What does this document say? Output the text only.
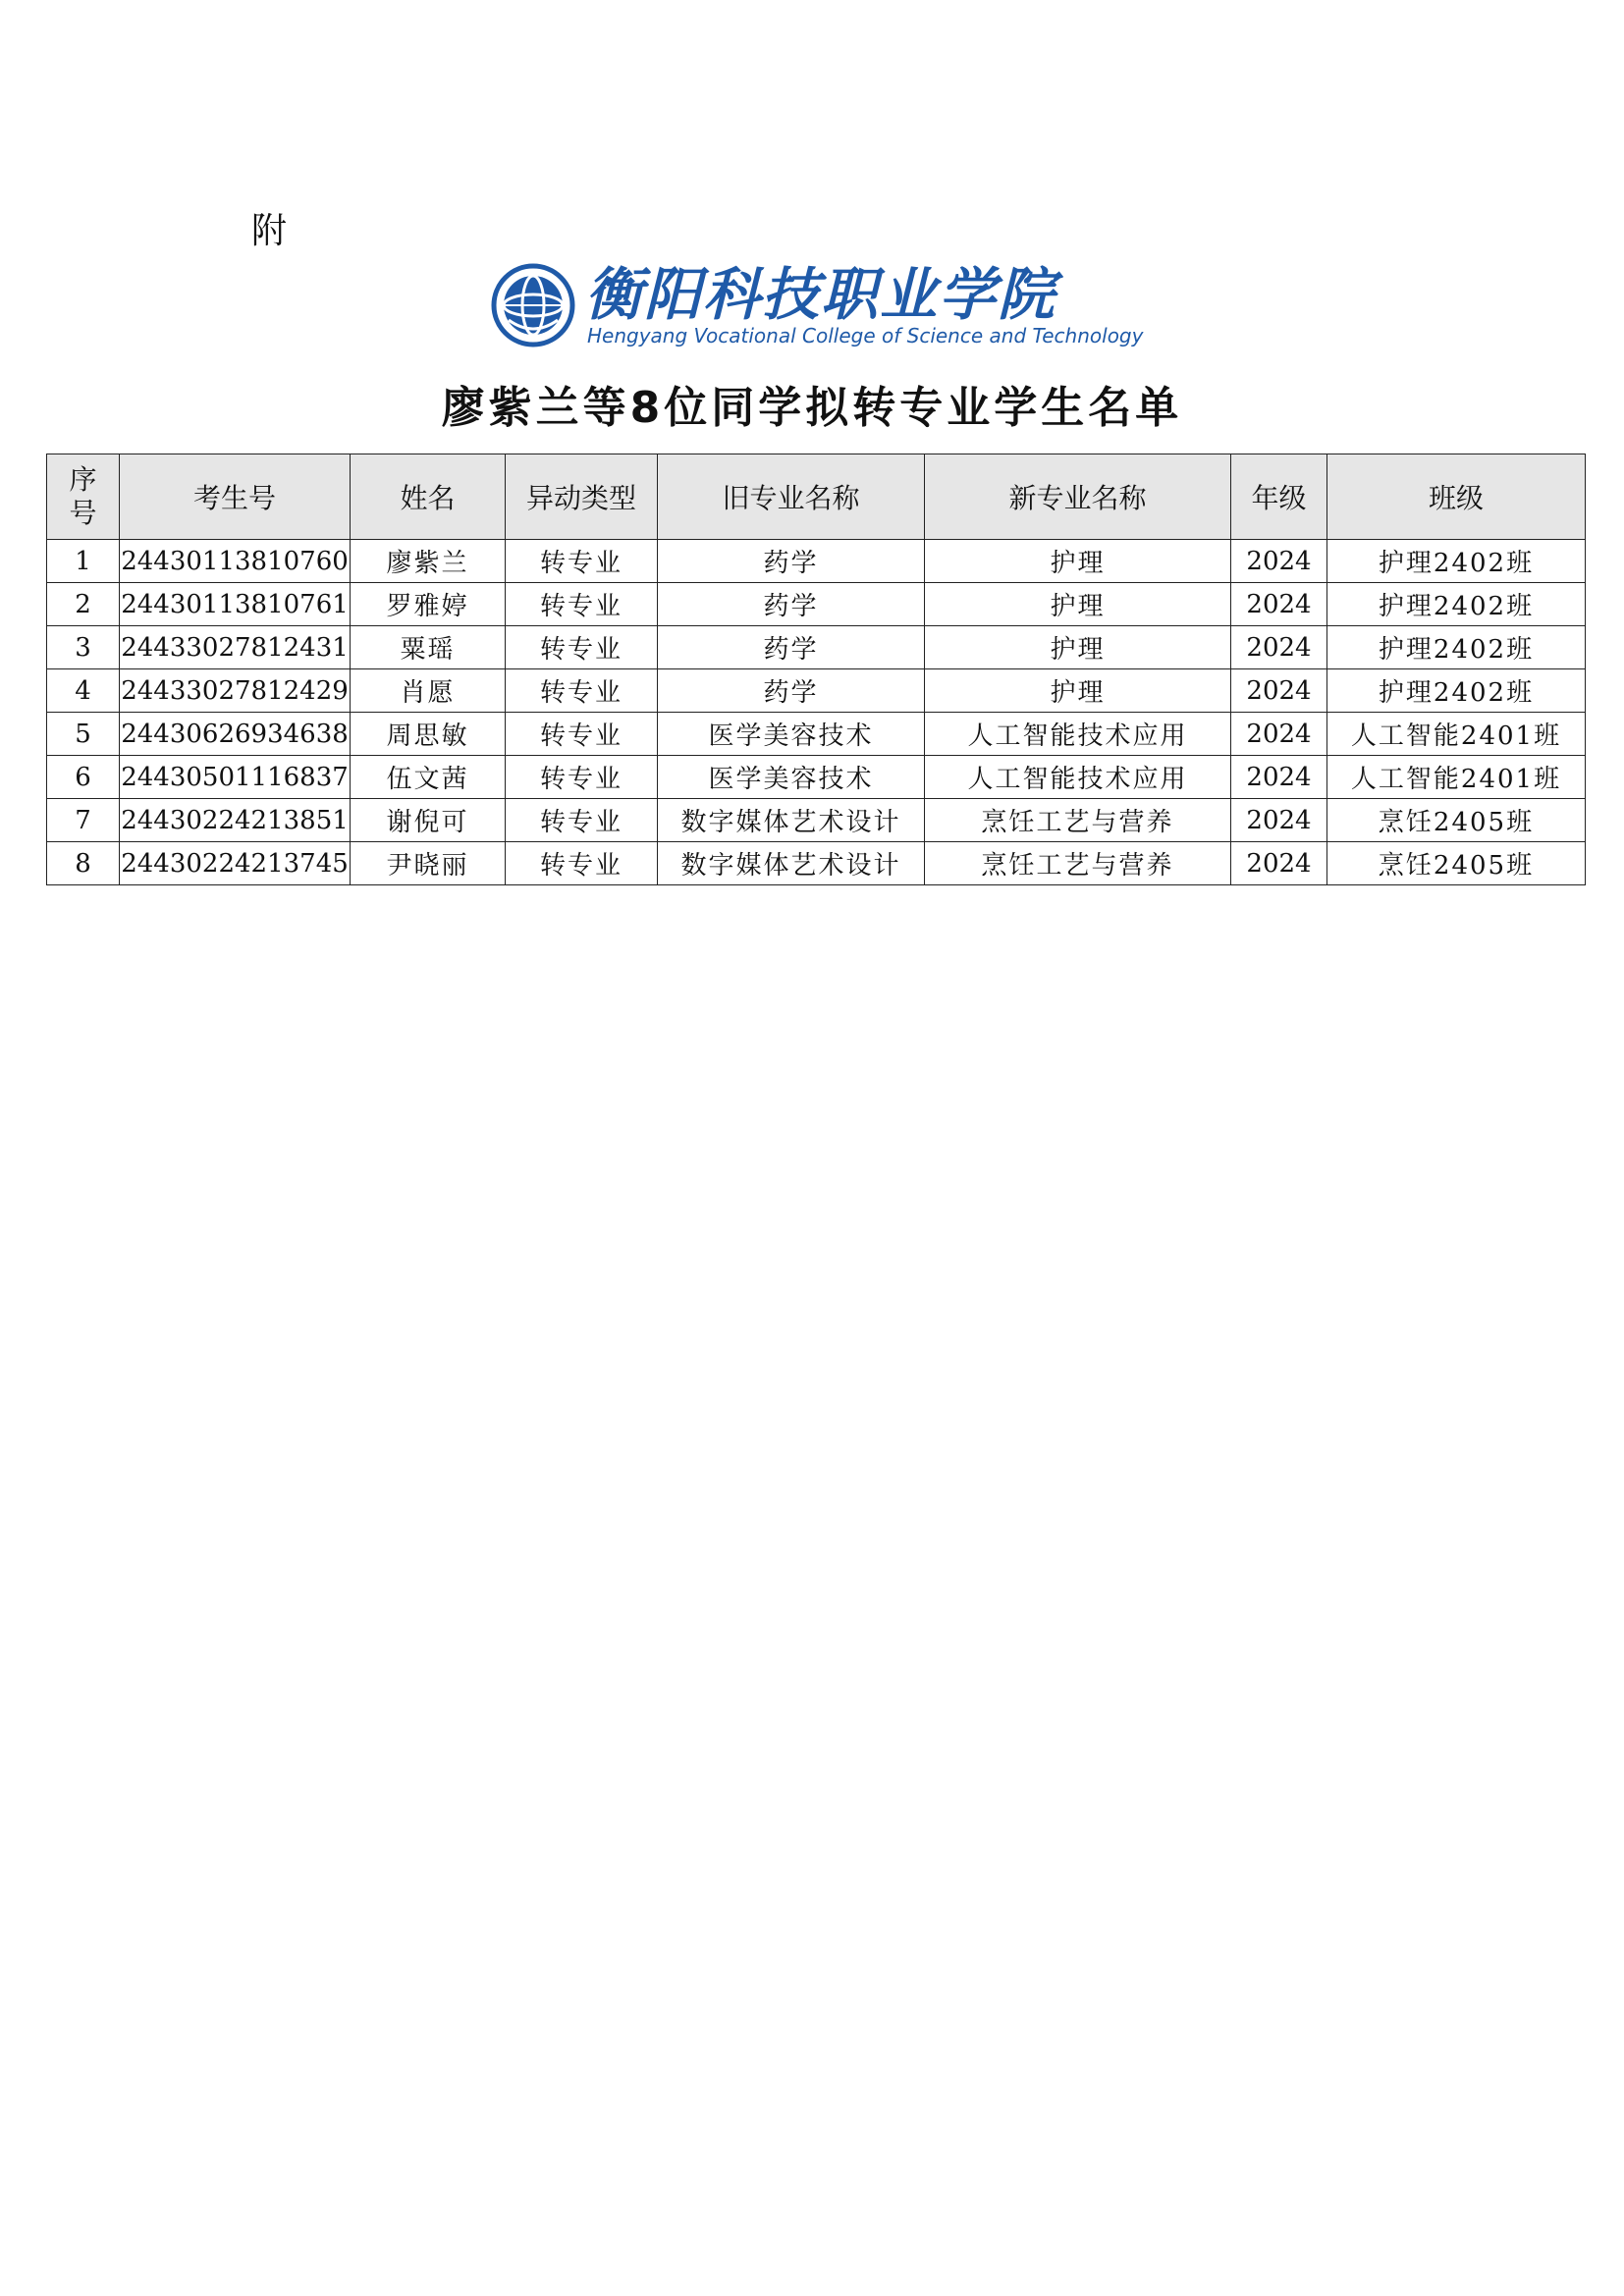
附
衡阳科技职业学院
Hengyang Vocational College of Science and Technology
廖紫兰等8位同学拟转专业学生名单
序
号	考生号	姓名	异动类型	旧专业名称	新专业名称	年级	班级
1	24430113810760	廖紫兰	转专业	药学	护理	2024	护理2402班
2	24430113810761	罗雅婷	转专业	药学	护理	2024	护理2402班
3	24433027812431	粟瑶	转专业	药学	护理	2024	护理2402班
4	24433027812429	肖愿	转专业	药学	护理	2024	护理2402班
5	24430626934638	周思敏	转专业	医学美容技术	人工智能技术应用	2024	人工智能2401班
6	24430501116837	伍文茜	转专业	医学美容技术	人工智能技术应用	2024	人工智能2401班
7	24430224213851	谢倪可	转专业	数字媒体艺术设计	烹饪工艺与营养	2024	烹饪2405班
8	24430224213745	尹晓丽	转专业	数字媒体艺术设计	烹饪工艺与营养	2024	烹饪2405班
